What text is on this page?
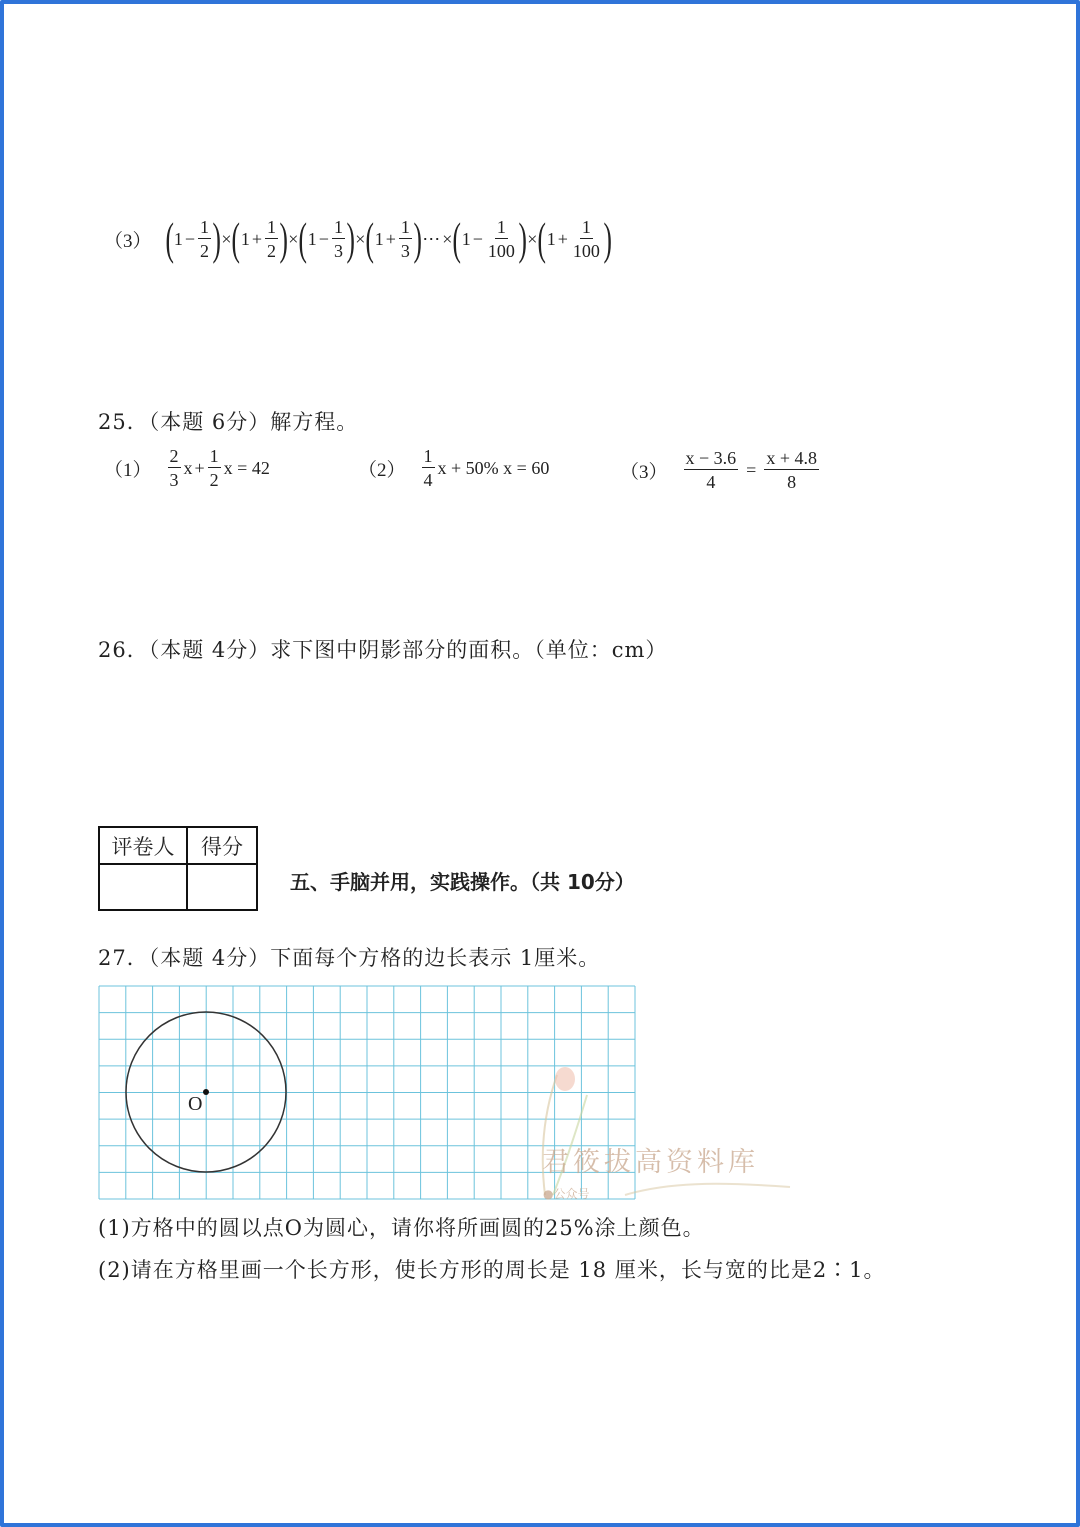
（3） ( $1 - \frac{1}{2}$ ) × ( $1 + \frac{1}{2}$ ) × ( $1 - \frac{1}{3}$ ) × ( $1 + \frac{1}{3}$ ) ⋯ × ( $1 - \frac{1}{100}$ ) × ( $1 + \frac{1}{100}$ )
25．（本题 6分）解方程。
$(1) \frac{2}{3}$ $x + \frac{1}{2}$ x = 42	$(2) \frac{1}{4}$ x + 50% x = 60	$(3) \frac{x - 3.6}{4} = \frac{x + 4.8}{8}$
26．（本题 4分）求下图中阴影部分的面积。（单位：cm）
评卷人	得分

五、手脑并用，实践操作。（共 10分）
27．（本题 4分）下面每个方格的边长表示 1厘米。
O
君筱拔高资料库
●公众号
(1)方格中的圆以点O为圆心，请你将所画圆的25%涂上颜色。
(2)请在方格里画一个长方形，使长方形的周长是 18 厘米，长与宽的比是2∶1。
